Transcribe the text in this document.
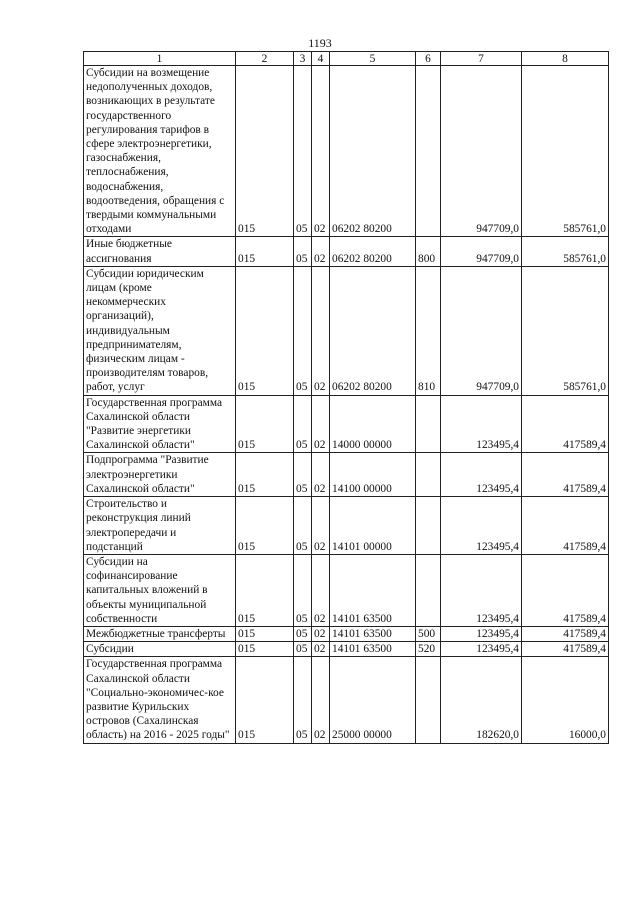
1193
1	2	3	4	5	6	7	8
Субсидии на возмещение недополученных доходов, возникающих в результате государственного регулирования тарифов в сфере электроэнергетики, газоснабжения, теплоснабжения, водоснабжения, водоотведения, обращения с твердыми коммунальными отходами	015	05	02	06202 80200		947709,0	585761,0
Иные бюджетные ассигнования	015	05	02	06202 80200	800	947709,0	585761,0
Субсидии юридическим лицам (кроме некоммерческих организаций), индивидуальным предпринимателям, физическим лицам - производителям товаров, работ, услуг	015	05	02	06202 80200	810	947709,0	585761,0
Государственная программа Сахалинской области "Развитие энергетики Сахалинской области"	015	05	02	14000 00000		123495,4	417589,4
Подпрограмма "Развитие электроэнергетики Сахалинской области"	015	05	02	14100 00000		123495,4	417589,4
Строительство и реконструкция линий электропередачи и подстанций	015	05	02	14101 00000		123495,4	417589,4
Субсидии на софинансирование капитальных вложений в объекты муниципальной собственности	015	05	02	14101 63500		123495,4	417589,4
Межбюджетные трансферты	015	05	02	14101 63500	500	123495,4	417589,4
Субсидии	015	05	02	14101 63500	520	123495,4	417589,4
Государственная программа Сахалинской области "Социально-экономичес-кое развитие Курильских островов (Сахалинская область) на 2016 - 2025 годы"	015	05	02	25000 00000		182620,0	16000,0
